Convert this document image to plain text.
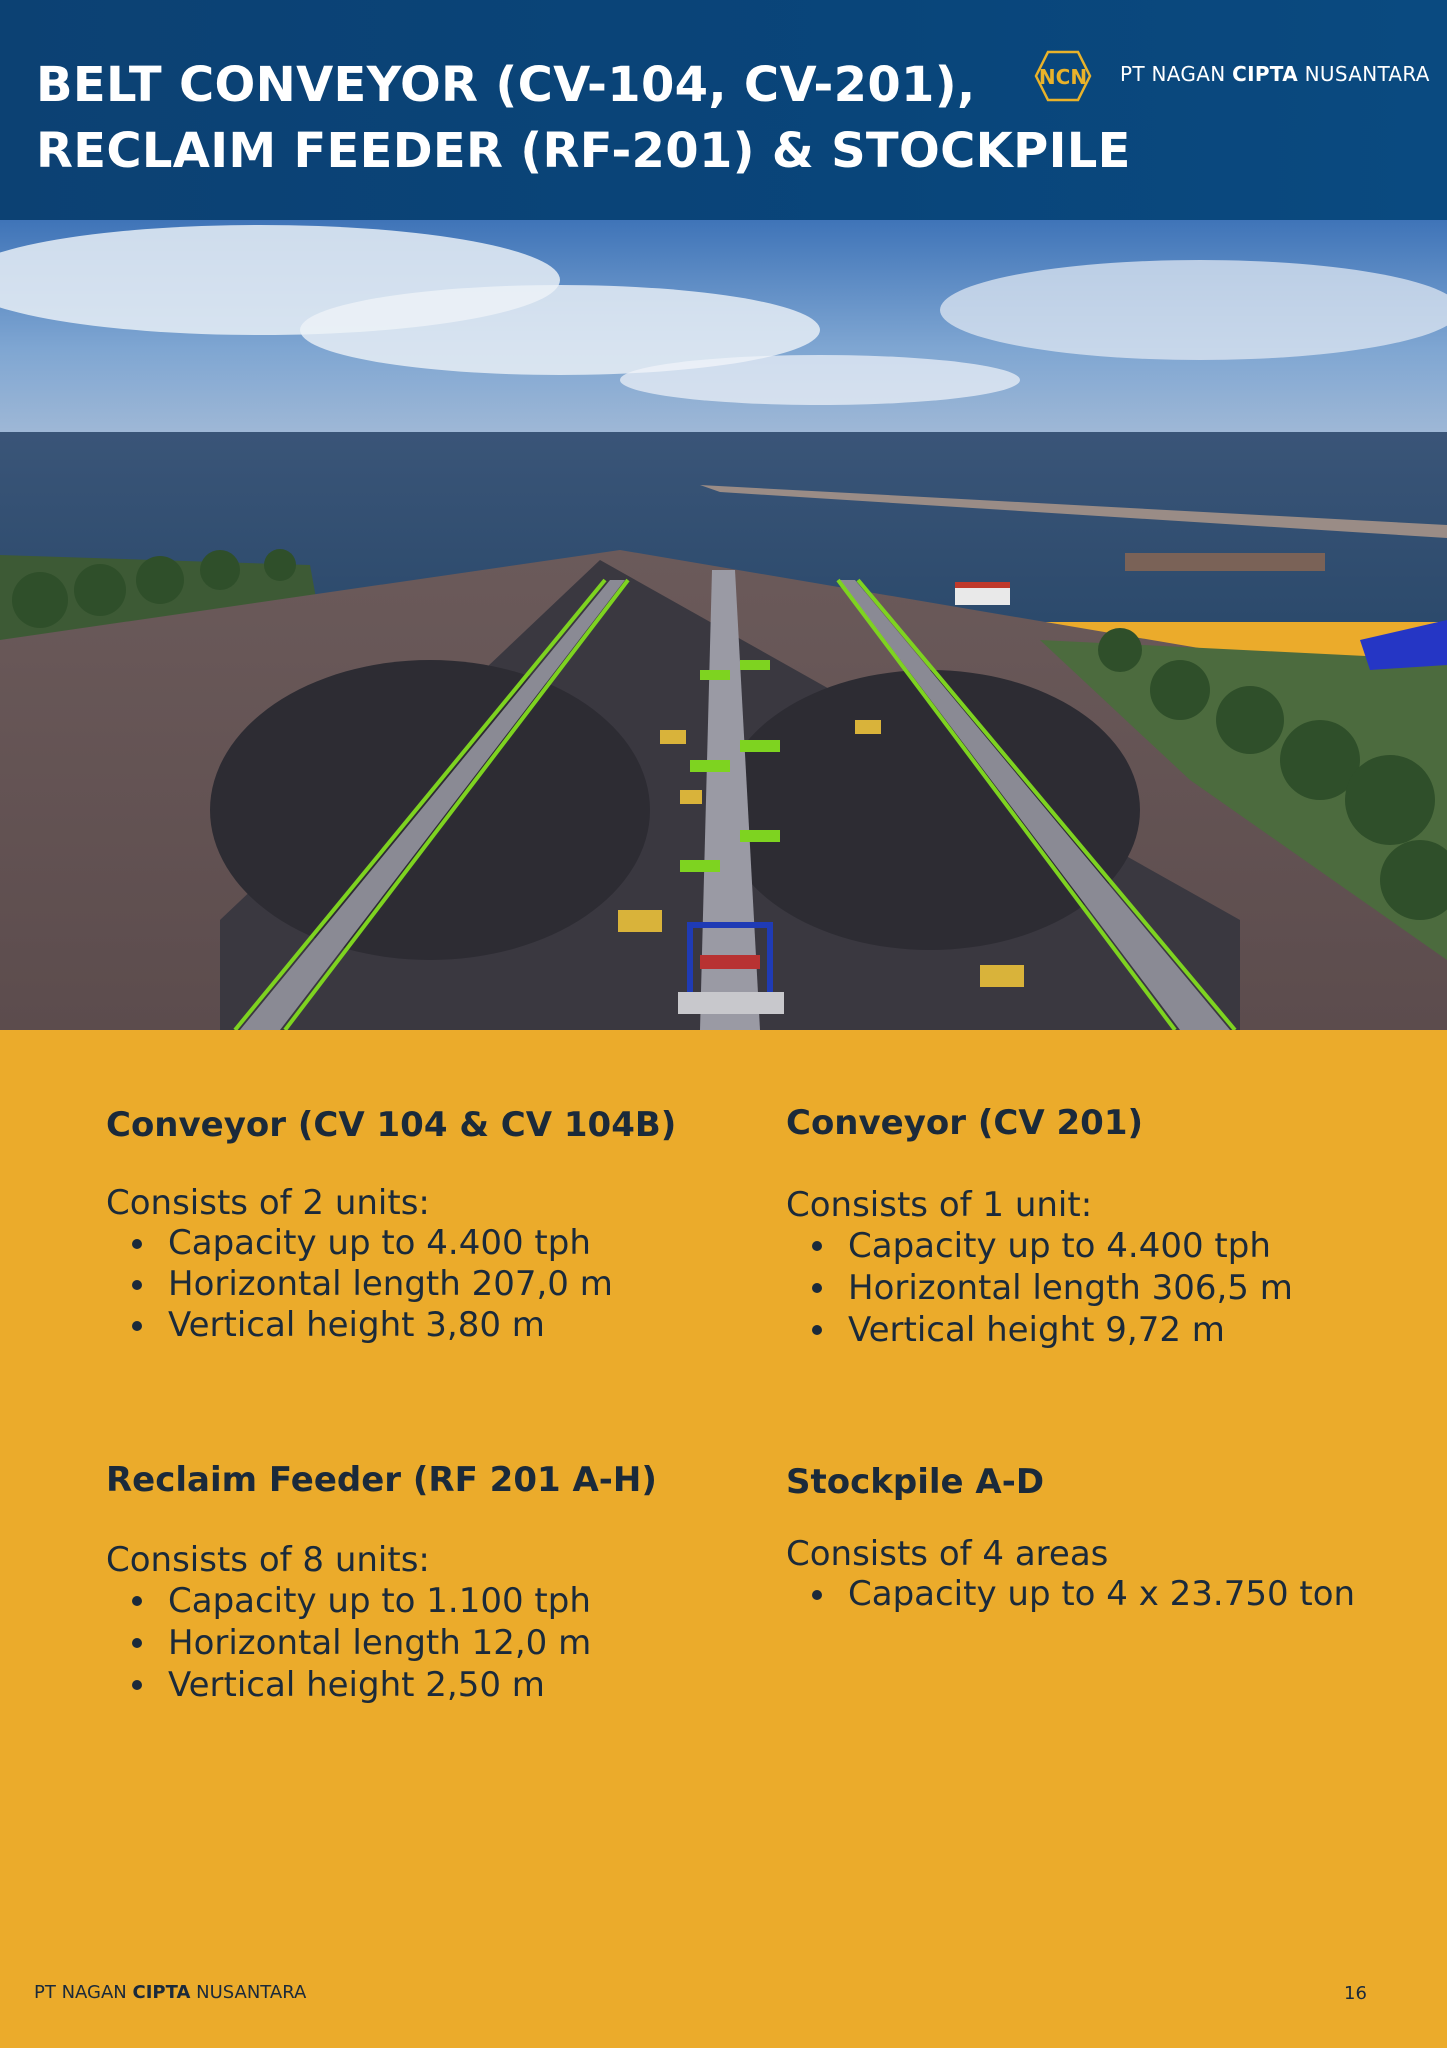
BELT CONVEYOR (CV-104, CV-201),
RECLAIM FEEDER (RF-201) & STOCKPILE
NCN PT NAGAN CIPTA NUSANTARA
Conveyor (CV 104 & CV 104B)

Consists of 2 units:

Capacity up to 4.400 tph
Horizontal length 207,0 m
Vertical height 3,80 m
Conveyor (CV 201)

Consists of 1 unit:

Capacity up to 4.400 tph
Horizontal length 306,5 m
Vertical height 9,72 m
Reclaim Feeder (RF 201 A-H)

Consists of 8 units:

Capacity up to 1.100 tph
Horizontal length 12,0 m
Vertical height 2,50 m
Stockpile A-D

Consists of 4 areas

Capacity up to 4 x 23.750 ton
PT NAGAN CIPTA NUSANTARA	16
